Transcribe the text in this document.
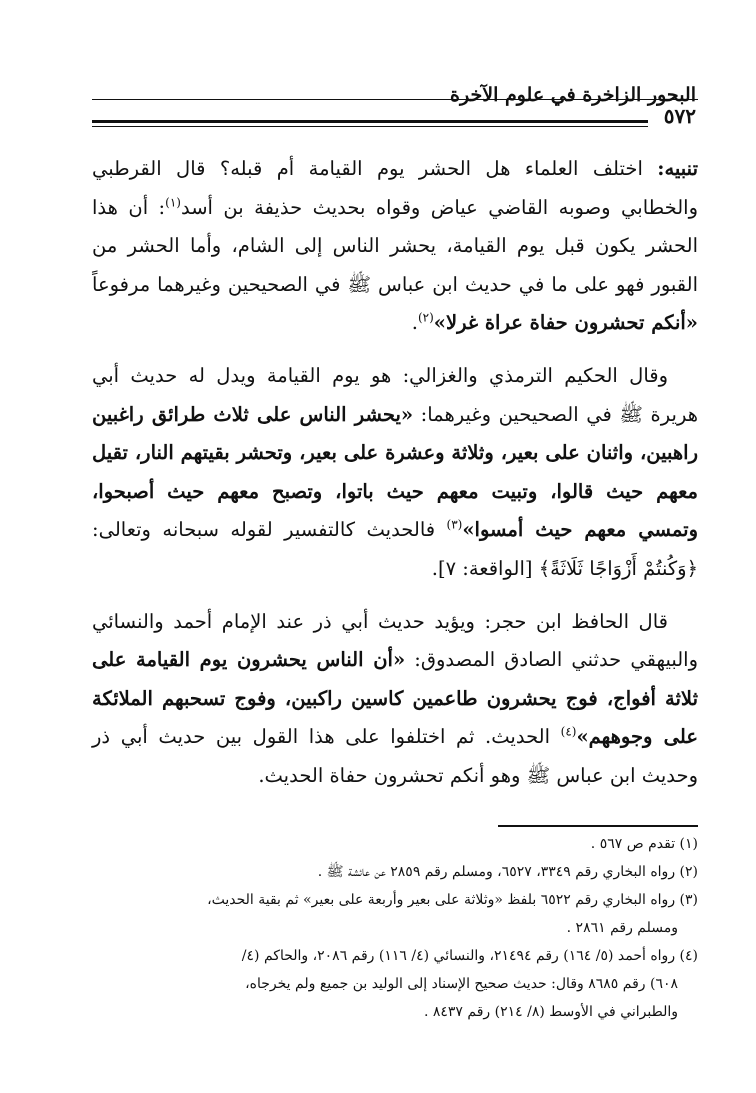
البحور الزاخرة في علوم الآخرة
٥٧٢

تنبيه: اختلف العلماء هل الحشر يوم القيامة أم قبله؟ قال القرطبي والخطابي وصوبه القاضي عياض وقواه بحديث حذيفة بن أسد$^{(١)}$: أن هذا الحشر يكون قبل يوم القيامة، يحشر الناس إلى الشام، وأما الحشر من القبور فهو على ما في حديث ابن عباس ﷺ في الصحيحين وغيرهما مرفوعاً «أنكم تحشرون حفاة عراة غرلا»$^{(٢)}$.

وقال الحكيم الترمذي والغزالي: هو يوم القيامة ويدل له حديث أبي هريرة ﷺ في الصحيحين وغيرهما: «يحشر الناس على ثلاث طرائق راغبين راهبين، واثنان على بعير، وثلاثة وعشرة على بعير، وتحشر بقيتهم النار، تقيل معهم حيث قالوا، وتبيت معهم حيث باتوا، وتصبح معهم حيث أصبحوا، وتمسي معهم حيث أمسوا»$^{(٣)}$ فالحديث كالتفسير لقوله سبحانه وتعالى: ﴿وَكُنتُمْ أَزْوَاجًا ثَلَاثَةً﴾ [الواقعة: ٧].

قال الحافظ ابن حجر: ويؤيد حديث أبي ذر عند الإمام أحمد والنسائي والبيهقي حدثني الصادق المصدوق: «أن الناس يحشرون يوم القيامة على ثلاثة أفواج، فوج يحشرون طاعمين كاسين راكبين، وفوج تسحبهم الملائكة على وجوههم»$^{(٤)}$ الحديث. ثم اختلفوا على هذا القول بين حديث أبي ذر وحديث ابن عباس ﷺ وهو أنكم تحشرون حفاة الحديث.

(١) تقدم ص ٥٦٧ .
(٢) رواه البخاري رقم ٣٣٤٩، ٦٥٢٧، ومسلم رقم ٢٨٥٩ عن عائشة ﷺ .
(٣) رواه البخاري رقم ٦٥٢٢ بلفظ «وثلاثة على بعير وأربعة على بعير» ثم بقية الحديث،
ومسلم رقم ٢٨٦١ .
(٤) رواه أحمد (٥/ ١٦٤) رقم ٢١٤٩٤، والنسائي (٤/ ١١٦) رقم ٢٠٨٦، والحاكم (٤/
٦٠٨) رقم ٨٦٨٥ وقال: حديث صحيح الإسناد إلى الوليد بن جميع ولم يخرجاه،
والطبراني في الأوسط (٨/ ٢١٤) رقم ٨٤٣٧ .
